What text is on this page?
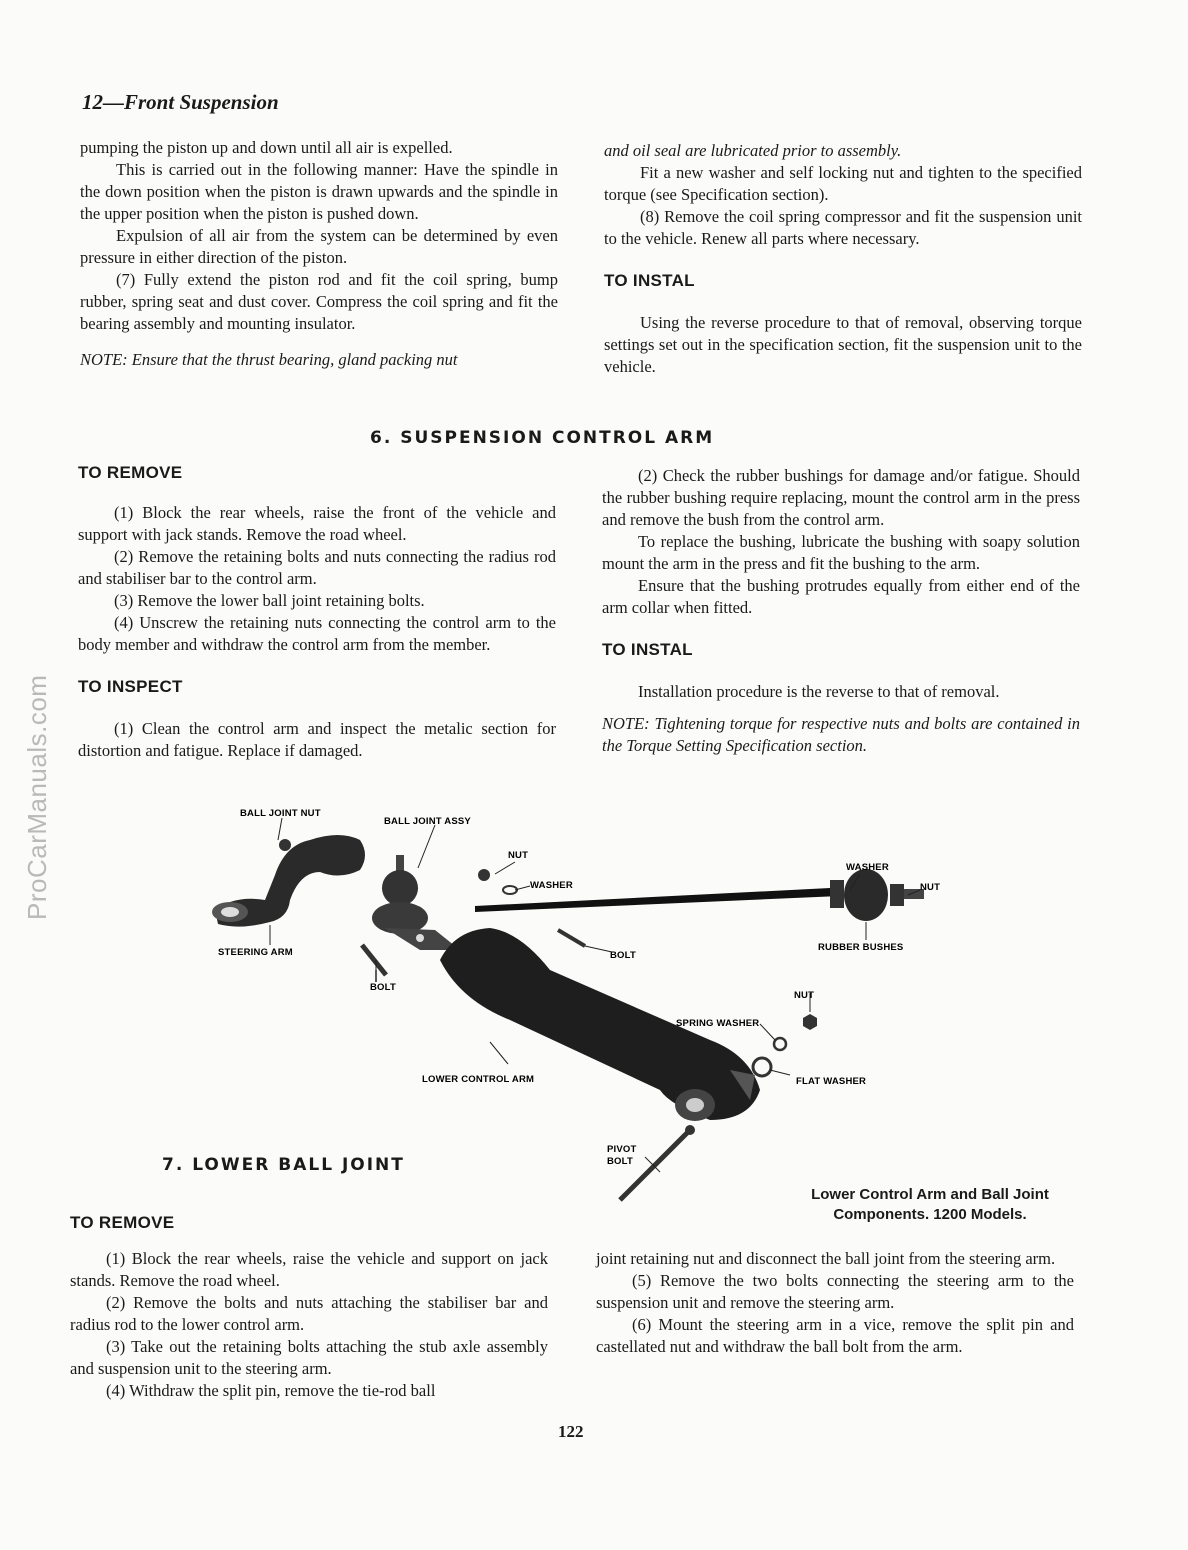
ProCarManuals.com
12—Front Suspension

pumping the piston up and down until all air is expelled.

This is carried out in the following manner: Have the spindle in the down position when the piston is drawn upwards and the spindle in the upper position when the piston is pushed down.

Expulsion of all air from the system can be determined by even pressure in either direction of the piston.

(7) Fully extend the piston rod and fit the coil spring, bump rubber, spring seat and dust cover. Compress the coil spring and fit the bearing assembly and mounting insulator.

NOTE: Ensure that the thrust bearing, gland packing nut

and oil seal are lubricated prior to assembly.

Fit a new washer and self locking nut and tighten to the specified torque (see Specification section).

(8) Remove the coil spring compressor and fit the suspension unit to the vehicle. Renew all parts where necessary.

TO INSTAL

Using the reverse procedure to that of removal, observing torque settings set out in the specification section, fit the suspension unit to the vehicle.

6. SUSPENSION CONTROL ARM

TO REMOVE

(1) Block the rear wheels, raise the front of the vehicle and support with jack stands. Remove the road wheel.

(2) Remove the retaining bolts and nuts connecting the radius rod and stabiliser bar to the control arm.

(3) Remove the lower ball joint retaining bolts.

(4) Unscrew the retaining nuts connecting the control arm to the body member and withdraw the control arm from the member.

TO INSPECT

(1) Clean the control arm and inspect the metalic section for distortion and fatigue. Replace if damaged.

(2) Check the rubber bushings for damage and/or fatigue. Should the rubber bushing require replacing, mount the control arm in the press and remove the bush from the control arm.

To replace the bushing, lubricate the bushing with soapy solution mount the arm in the press and fit the bushing to the arm.

Ensure that the bushing protrudes equally from either end of the arm collar when fitted.

TO INSTAL

Installation procedure is the reverse to that of removal.

NOTE: Tightening torque for respective nuts and bolts are contained in the Torque Setting Specification section.

BALL JOINT NUT
BALL JOINT ASSY
NUT
WASHER
WASHER
NUT
STEERING ARM
BOLT
BOLT
RUBBER BUSHES
NUT
SPRING WASHER
LOWER CONTROL ARM	FLAT WASHER
PIVOT
BOLT
Lower Control Arm and Ball Joint
Components. 1200 Models.
7. LOWER BALL JOINT

TO REMOVE

(1) Block the rear wheels, raise the vehicle and support on jack stands. Remove the road wheel.

(2) Remove the bolts and nuts attaching the stabiliser bar and radius rod to the lower control arm.

(3) Take out the retaining bolts attaching the stub axle assembly and suspension unit to the steering arm.

(4) Withdraw the split pin, remove the tie-rod ball

joint retaining nut and disconnect the ball joint from the steering arm.

(5) Remove the two bolts connecting the steering arm to the suspension unit and remove the steering arm.

(6) Mount the steering arm in a vice, remove the split pin and castellated nut and withdraw the ball bolt from the arm.

122
